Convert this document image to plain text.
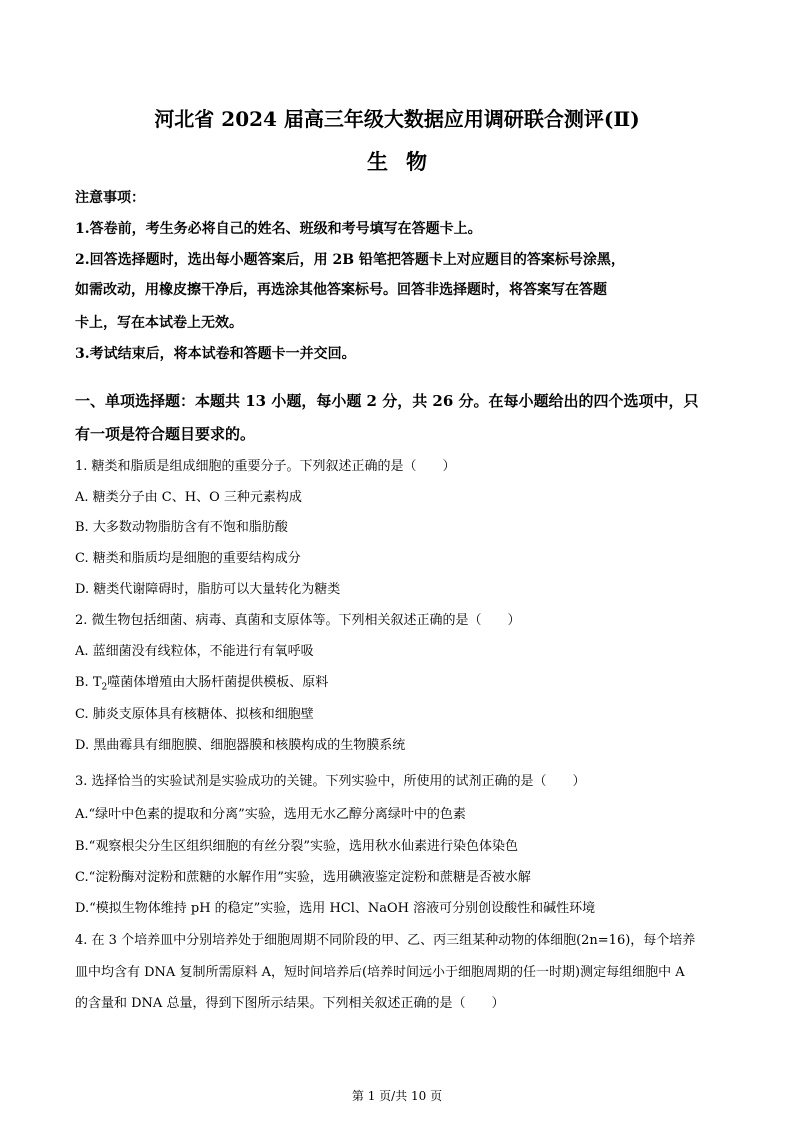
河北省 2024 届高三年级大数据应用调研联合测评(Ⅱ)
生物
注意事项：
1.答卷前，考生务必将自己的姓名、班级和考号填写在答题卡上。
2.回答选择题时，选出每小题答案后，用 2B 铅笔把答题卡上对应题目的答案标号涂黑，
如需改动，用橡皮擦干净后，再选涂其他答案标号。回答非选择题时，将答案写在答题
卡上，写在本试卷上无效。
3.考试结束后，将本试卷和答题卡一并交回。
一、单项选择题：本题共 13 小题，每小题 2 分，共 26 分。在每小题给出的四个选项中，只
有一项是符合题目要求的。
1. 糖类和脂质是组成细胞的重要分子。下列叙述正确的是（　　）
A. 糖类分子由 C、H、O 三种元素构成
B. 大多数动物脂肪含有不饱和脂肪酸
C. 糖类和脂质均是细胞的重要结构成分
D. 糖类代谢障碍时，脂肪可以大量转化为糖类
2. 微生物包括细菌、病毒、真菌和支原体等。下列相关叙述正确的是（　　）
A. 蓝细菌没有线粒体，不能进行有氧呼吸
B. $T_2$噬菌体增殖由大肠杆菌提供模板、原料
C. 肺炎支原体具有核糖体、拟核和细胞壁
D. 黑曲霉具有细胞膜、细胞器膜和核膜构成的生物膜系统
3. 选择恰当的实验试剂是实验成功的关键。下列实验中，所使用的试剂正确的是（　　）
A.“绿叶中色素的提取和分离”实验，选用无水乙醇分离绿叶中的色素
B.“观察根尖分生区组织细胞的有丝分裂”实验，选用秋水仙素进行染色体染色
C.“淀粉酶对淀粉和蔗糖的水解作用”实验，选用碘液鉴定淀粉和蔗糖是否被水解
D.“模拟生物体维持 pH 的稳定”实验，选用 HCl、NaOH 溶液可分别创设酸性和碱性环境
4. 在 3 个培养皿中分别培养处于细胞周期不同阶段的甲、乙、丙三组某种动物的体细胞(2n=16)，每个培养
皿中均含有 DNA 复制所需原料 A，短时间培养后(培养时间远小于细胞周期的任一时期)测定每组细胞中 A
的含量和 DNA 总量，得到下图所示结果。下列相关叙述正确的是（　　）
第 1 页/共 10 页
